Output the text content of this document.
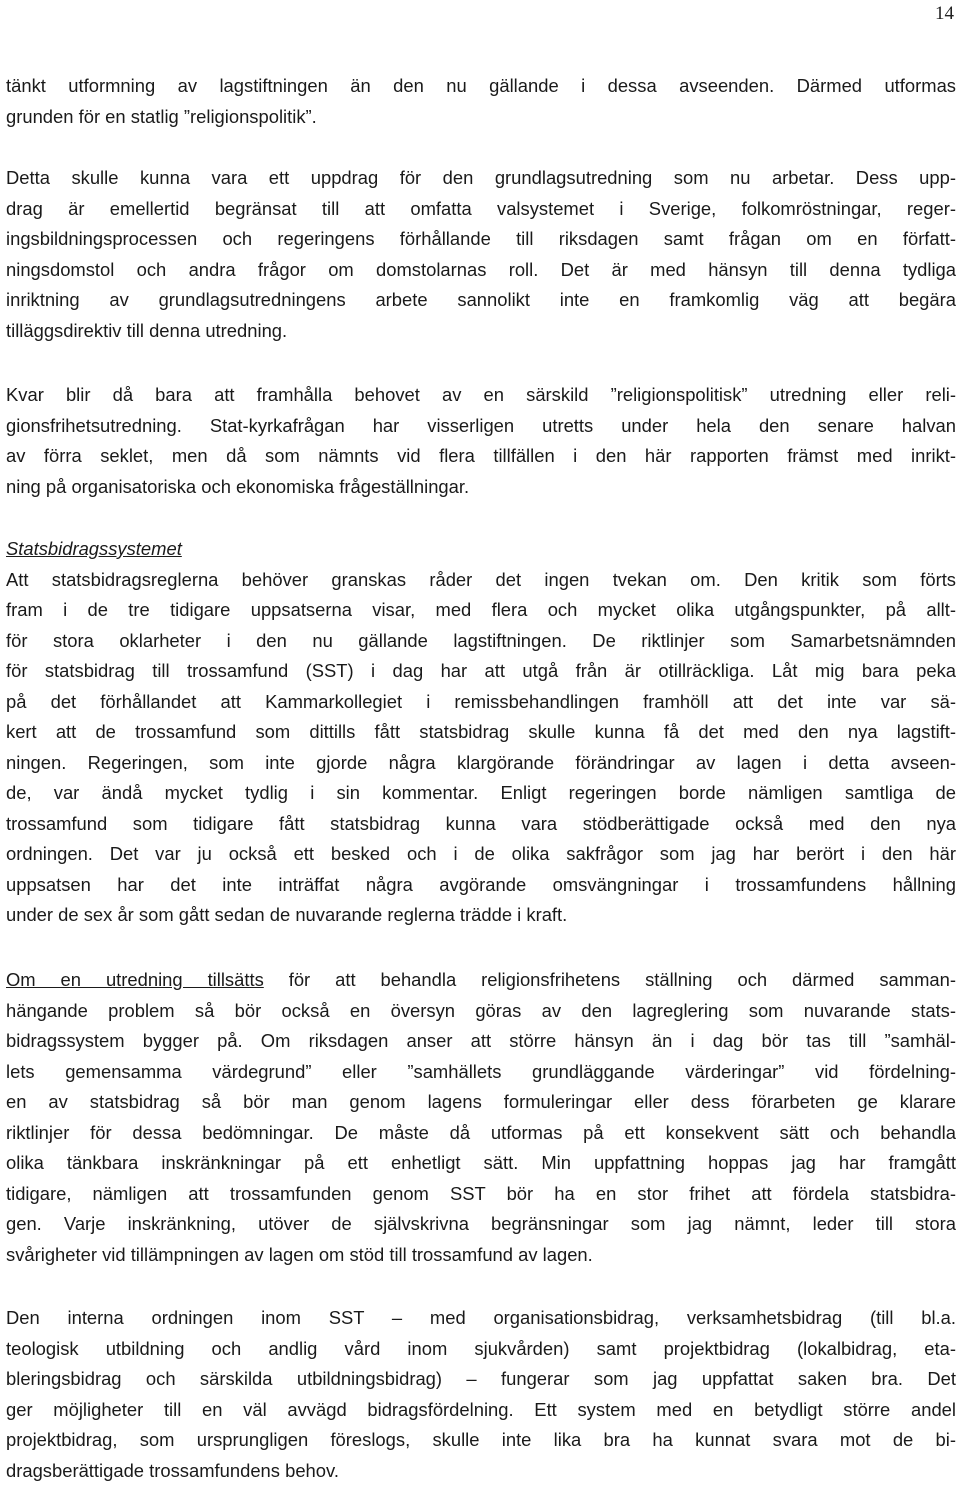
14

tänkt utformning av lagstiftningen än den nu gällande i dessa avseenden. Därmed utformas
grunden för en statlig ”religionspolitik”.

Detta skulle kunna vara ett uppdrag för den grundlagsutredning som nu arbetar. Dess upp-
drag är emellertid begränsat till att omfatta valsystemet i Sverige, folkomröstningar, reger-
ingsbildningsprocessen och regeringens förhållande till riksdagen samt frågan om en författ-
ningsdomstol och andra frågor om domstolarnas roll. Det är med hänsyn till denna tydliga
inriktning av grundlagsutredningens arbete sannolikt inte en framkomlig väg att begära
tilläggsdirektiv till denna utredning.

Kvar blir då bara att framhålla behovet av en särskild ”religionspolitisk” utredning eller reli-
gionsfrihetsutredning. Stat-kyrkafrågan har visserligen utretts under hela den senare halvan
av förra seklet, men då som nämnts vid flera tillfällen i den här rapporten främst med inrikt-
ning på organisatoriska och ekonomiska frågeställningar.

Statsbidragssystemet
Att statsbidragsreglerna behöver granskas råder det ingen tvekan om. Den kritik som förts
fram i de tre tidigare uppsatserna visar, med flera och mycket olika utgångspunkter, på allt-
för stora oklarheter i den nu gällande lagstiftningen. De riktlinjer som Samarbetsnämnden
för statsbidrag till trossamfund (SST) i dag har att utgå från är otillräckliga. Låt mig bara peka
på det förhållandet att Kammarkollegiet i remissbehandlingen framhöll att det inte var sä-
kert att de trossamfund som dittills fått statsbidrag skulle kunna få det med den nya lagstift-
ningen. Regeringen, som inte gjorde några klargörande förändringar av lagen i detta avseen-
de, var ändå mycket tydlig i sin kommentar. Enligt regeringen borde nämligen samtliga de
trossamfund som tidigare fått statsbidrag kunna vara stödberättigade också med den nya
ordningen. Det var ju också ett besked och i de olika sakfrågor som jag har berört i den här
uppsatsen har det inte inträffat några avgörande omsvängningar i trossamfundens hållning
under de sex år som gått sedan de nuvarande reglerna trädde i kraft.

Om en utredning tillsätts för att behandla religionsfrihetens ställning och därmed samman-
hängande problem så bör också en översyn göras av den lagreglering som nuvarande stats-
bidragssystem bygger på. Om riksdagen anser att större hänsyn än i dag bör tas till ”samhäl-
lets gemensamma värdegrund” eller ”samhällets grundläggande värderingar” vid fördelning-
en av statsbidrag så bör man genom lagens formuleringar eller dess förarbeten ge klarare
riktlinjer för dessa bedömningar. De måste då utformas på ett konsekvent sätt och behandla
olika tänkbara inskränkningar på ett enhetligt sätt. Min uppfattning hoppas jag har framgått
tidigare, nämligen att trossamfunden genom SST bör ha en stor frihet att fördela statsbidra-
gen. Varje inskränkning, utöver de självskrivna begränsningar som jag nämnt, leder till stora
svårigheter vid tillämpningen av lagen om stöd till trossamfund av lagen.

Den interna ordningen inom SST – med organisationsbidrag, verksamhetsbidrag (till bl.a.
teologisk utbildning och andlig vård inom sjukvården) samt projektbidrag (lokalbidrag, eta-
bleringsbidrag och särskilda utbildningsbidrag) – fungerar som jag uppfattat saken bra. Det
ger möjligheter till en väl avvägd bidragsfördelning. Ett system med en betydligt större andel
projektbidrag, som ursprungligen föreslogs, skulle inte lika bra ha kunnat svara mot de bi-
dragsberättigade trossamfundens behov.
